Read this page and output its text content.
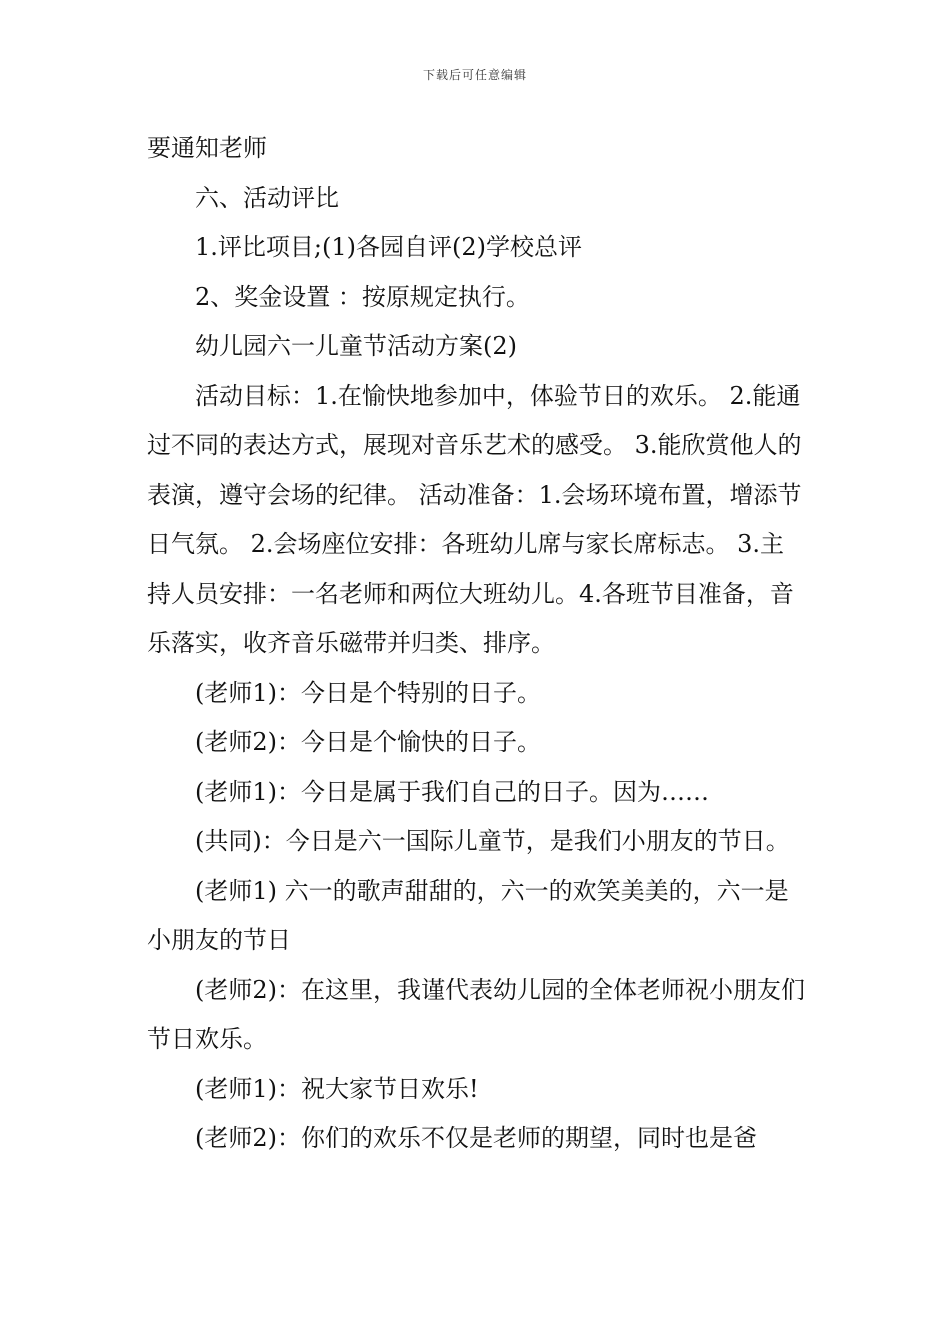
下载后可任意编辑

要通知老师

六、活动评比

1.评比项目;(1)各园自评(2)学校总评

2、奖金设置 ：按原规定执行。

幼儿园六一儿童节活动方案(2)

活动目标：1.在愉快地参加中，体验节日的欢乐。 2.能通过不同的表达方式，展现对音乐艺术的感受。 3.能欣赏他人的表演，遵守会场的纪律。 活动准备：1.会场环境布置，增添节日气氛。 2.会场座位安排：各班幼儿席与家长席标志。 3.主持人员安排：一名老师和两位大班幼儿。4.各班节目准备，音乐落实，收齐音乐磁带并归类、排序。

(老师1)：今日是个特别的日子。

(老师2)：今日是个愉快的日子。

(老师1)：今日是属于我们自己的日子。因为……

(共同)：今日是六一国际儿童节，是我们小朋友的节日。

(老师1) 六一的歌声甜甜的，六一的欢笑美美的，六一是小朋友的节日

(老师2)：在这里，我谨代表幼儿园的全体老师祝小朋友们节日欢乐。

(老师1)：祝大家节日欢乐!

(老师2)：你们的欢乐不仅是老师的期望，同时也是爸
